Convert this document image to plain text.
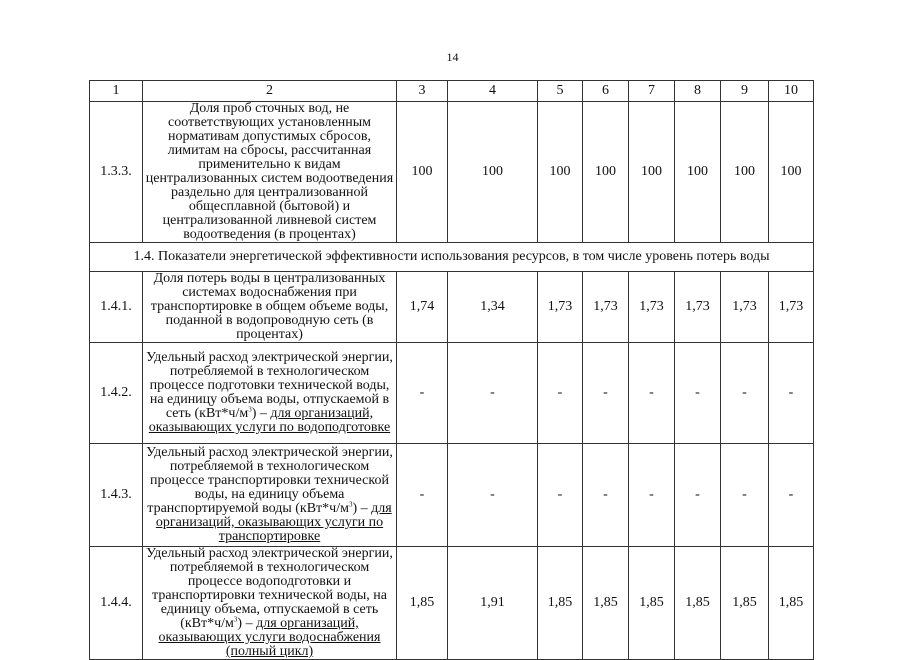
14
1	2	3	4	5	6	7	8	9	10
1.3.3.	Доля проб сточных вод, не соответствующих установленным нормативам допустимых сбросов, лимитам на сбросы, рассчитанная применительно к видам централизованных систем водоотведения раздельно для централизованной общесплавной (бытовой) и централизованной ливневой систем водоотведения (в процентах)	100	100	100	100	100	100	100	100
1.4. Показатели энергетической эффективности использования ресурсов, в том числе уровень потерь воды									
1.4.1.	Доля потерь воды в централизованных системах водоснабжения при транспортировке в общем объеме воды, поданной в водопроводную сеть (в процентах)	1,74	1,34	1,73	1,73	1,73	1,73	1,73	1,73
1.4.2.	Удельный расход электрической энергии, потребляемой в технологическом процессе подготовки технической воды, на единицу объема воды, отпускаемой в сеть $(кВт*ч/м^3)$ – для организаций, оказывающих услуги по водоподготовке	-	-	-	-	-	-	-	-
1.4.3.	Удельный расход электрической энергии, потребляемой в технологическом процессе транспортировки технической воды, на единицу объема транспортируемой воды $(кВт*ч/м^3)$ – для организаций, оказывающих услуги по транспортировке	-	-	-	-	-	-	-	-
1.4.4.	Удельный расход электрической энергии, потребляемой в технологическом процессе водоподготовки и транспортировки технической воды, на единицу объема, отпускаемой в сеть $(кВт*ч/м^3)$ – для организаций, оказывающих услуги водоснабжения (полный цикл)	1,85	1,91	1,85	1,85	1,85	1,85	1,85	1,85
